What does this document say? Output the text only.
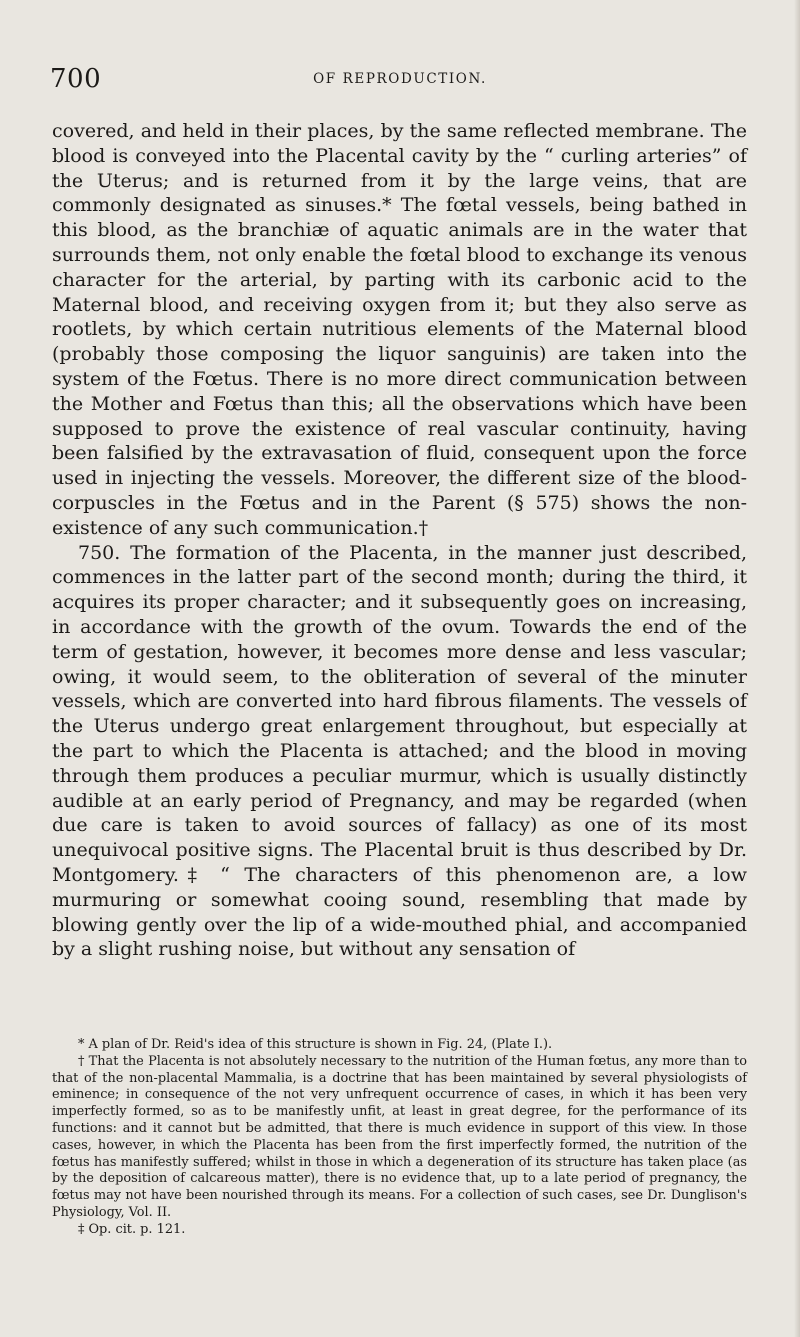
700	OF REPRODUCTION.

covered, and held in their places, by the same reflected membrane. The blood is conveyed into the Placental cavity by the “ curling arteries” of the Uterus; and is returned from it by the large veins, that are commonly designated as sinuses.* The fœtal vessels, being bathed in this blood, as the branchiæ of aquatic animals are in the water that surrounds them, not only enable the fœtal blood to exchange its venous character for the arterial, by parting with its carbonic acid to the Maternal blood, and receiving oxygen from it; but they also serve as rootlets, by which certain nutritious elements of the Maternal blood (probably those composing the liquor sanguinis) are taken into the system of the Fœtus. There is no more direct communication between the Mother and Fœtus than this; all the observations which have been supposed to prove the existence of real vascular continuity, having been falsified by the extravasation of fluid, consequent upon the force used in injecting the vessels. Moreover, the different size of the blood-corpuscles in the Fœtus and in the Parent (§ 575) shows the non-existence of any such communication.†

750. The formation of the Placenta, in the manner just described, commences in the latter part of the second month; during the third, it acquires its proper character; and it subsequently goes on increasing, in accordance with the growth of the ovum. Towards the end of the term of gestation, however, it becomes more dense and less vascular; owing, it would seem, to the obliteration of several of the minuter vessels, which are converted into hard fibrous filaments. The vessels of the Uterus undergo great enlargement throughout, but especially at the part to which the Placenta is attached; and the blood in moving through them produces a peculiar murmur, which is usually distinctly audible at an early period of Pregnancy, and may be regarded (when due care is taken to avoid sources of fallacy) as one of its most unequivocal positive signs. The Placental bruit is thus described by Dr. Montgomery.‡ “ The characters of this phenomenon are, a low murmuring or somewhat cooing sound, resembling that made by blowing gently over the lip of a wide-mouthed phial, and accompanied by a slight rushing noise, but without any sensation of

* A plan of Dr. Reid's idea of this structure is shown in Fig. 24, (Plate I.).

† That the Placenta is not absolutely necessary to the nutrition of the Human fœtus, any more than to that of the non-placental Mammalia, is a doctrine that has been maintained by several physiologists of eminence; in consequence of the not very unfrequent occurrence of cases, in which it has been very imperfectly formed, so as to be manifestly unfit, at least in great degree, for the performance of its functions: and it cannot but be admitted, that there is much evidence in support of this view. In those cases, however, in which the Placenta has been from the first imperfectly formed, the nutrition of the fœtus has manifestly suffered; whilst in those in which a degeneration of its structure has taken place (as by the deposition of calcareous matter), there is no evidence that, up to a late period of pregnancy, the fœtus may not have been nourished through its means. For a collection of such cases, see Dr. Dunglison's Physiology, Vol. II.

‡ Op. cit. p. 121.
